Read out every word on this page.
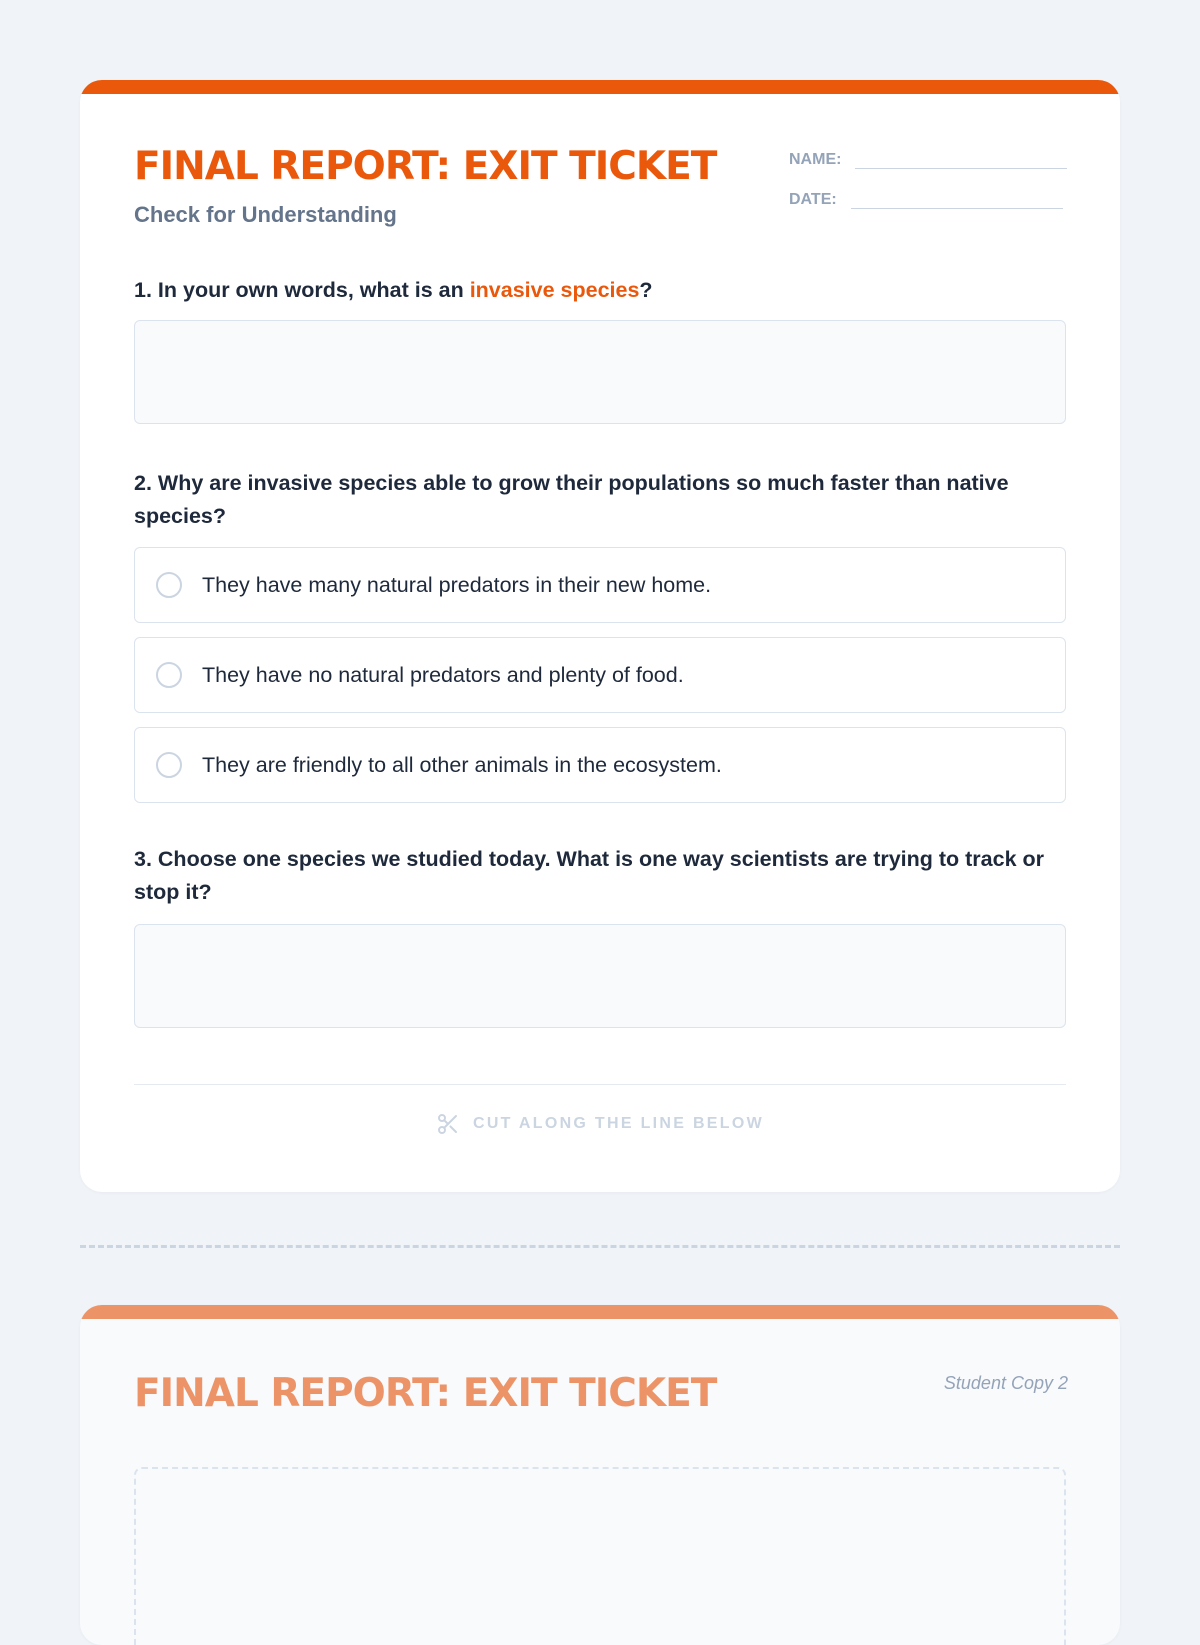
FINAL REPORT: EXIT TICKET
Check for Understanding
NAME:
DATE:
1. In your own words, what is an invasive species?
2. Why are invasive species able to grow their populations so much faster than native species?
They have many natural predators in their new home.
They have no natural predators and plenty of food.
They are friendly to all other animals in the ecosystem.
3. Choose one species we studied today. What is one way scientists are trying to track or stop it?
CUT ALONG THE LINE BELOW
FINAL REPORT: EXIT TICKET	Student Copy 2
